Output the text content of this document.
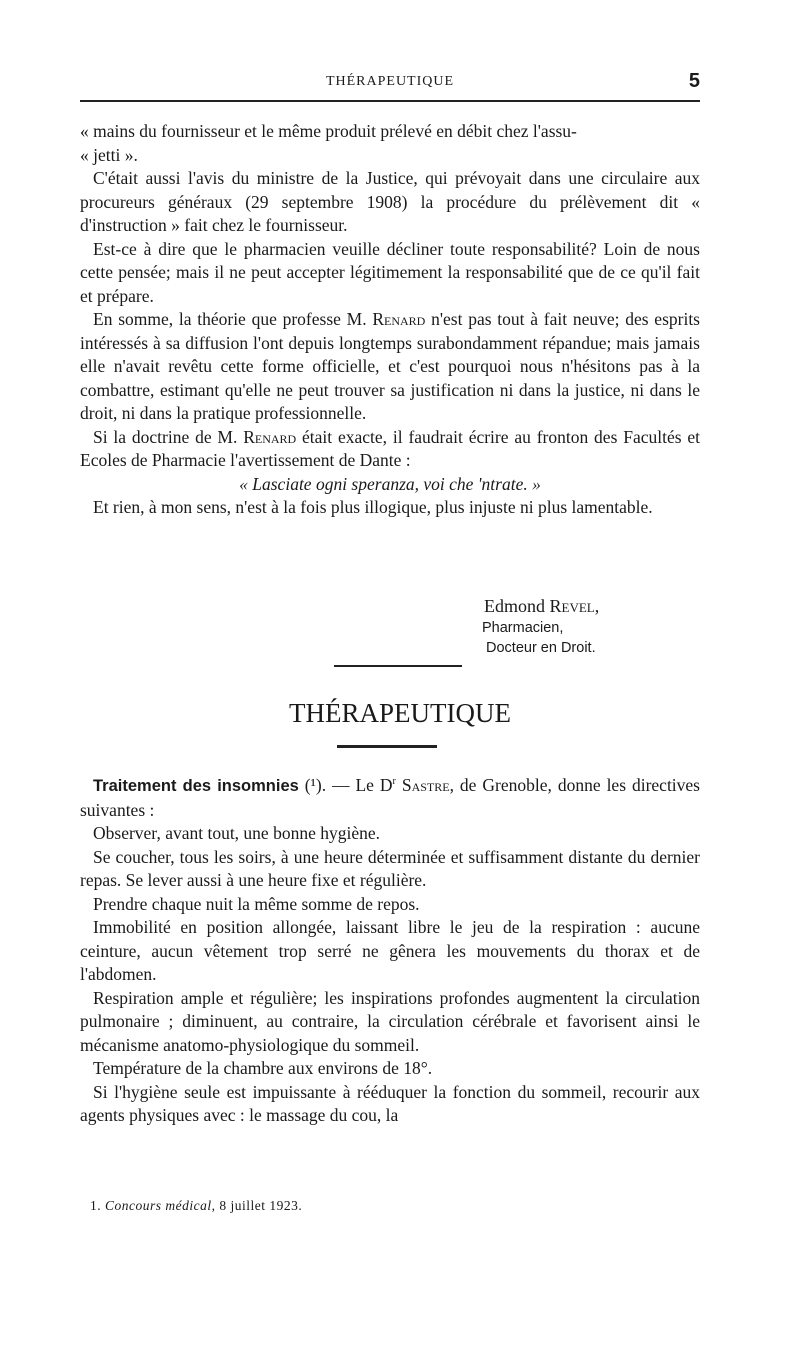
THÉRAPEUTIQUE	5

« mains du fournisseur et le même produit prélevé en débit chez l'assu-

« jetti ».

C'était aussi l'avis du ministre de la Justice, qui prévoyait dans une circulaire aux procureurs généraux (29 septembre 1908) la procédure du prélèvement dit « d'instruction » fait chez le fournisseur.

Est-ce à dire que le pharmacien veuille décliner toute responsabilité? Loin de nous cette pensée; mais il ne peut accepter légitimement la responsabilité que de ce qu'il fait et prépare.

En somme, la théorie que professe M. Renard n'est pas tout à fait neuve; des esprits intéressés à sa diffusion l'ont depuis longtemps surabondamment répandue; mais jamais elle n'avait revêtu cette forme officielle, et c'est pourquoi nous n'hésitons pas à la combattre, estimant qu'elle ne peut trouver sa justification ni dans la justice, ni dans le droit, ni dans la pratique professionnelle.

Si la doctrine de M. Renard était exacte, il faudrait écrire au fronton des Facultés et Ecoles de Pharmacie l'avertissement de Dante :

« Lasciate ogni speranza, voi che 'ntrate. »

Et rien, à mon sens, n'est à la fois plus illogique, plus injuste ni plus lamentable.

Edmond Revel,
Pharmacien,
Docteur en Droit.
THÉRAPEUTIQUE

Traitement des insomnies (¹). — Le $D^r$ Sastre, de Grenoble, donne les directives suivantes :

Observer, avant tout, une bonne hygiène.

Se coucher, tous les soirs, à une heure déterminée et suffisamment distante du dernier repas. Se lever aussi à une heure fixe et régulière.

Prendre chaque nuit la même somme de repos.

Immobilité en position allongée, laissant libre le jeu de la respiration : aucune ceinture, aucun vêtement trop serré ne gênera les mouvements du thorax et de l'abdomen.

Respiration ample et régulière; les inspirations profondes augmentent la circulation pulmonaire ; diminuent, au contraire, la circulation cérébrale et favorisent ainsi le mécanisme anatomo-physiologique du sommeil.

Température de la chambre aux environs de 18°.

Si l'hygiène seule est impuissante à rééduquer la fonction du sommeil, recourir aux agents physiques avec : le massage du cou, la

1. Concours médical, 8 juillet 1923.
